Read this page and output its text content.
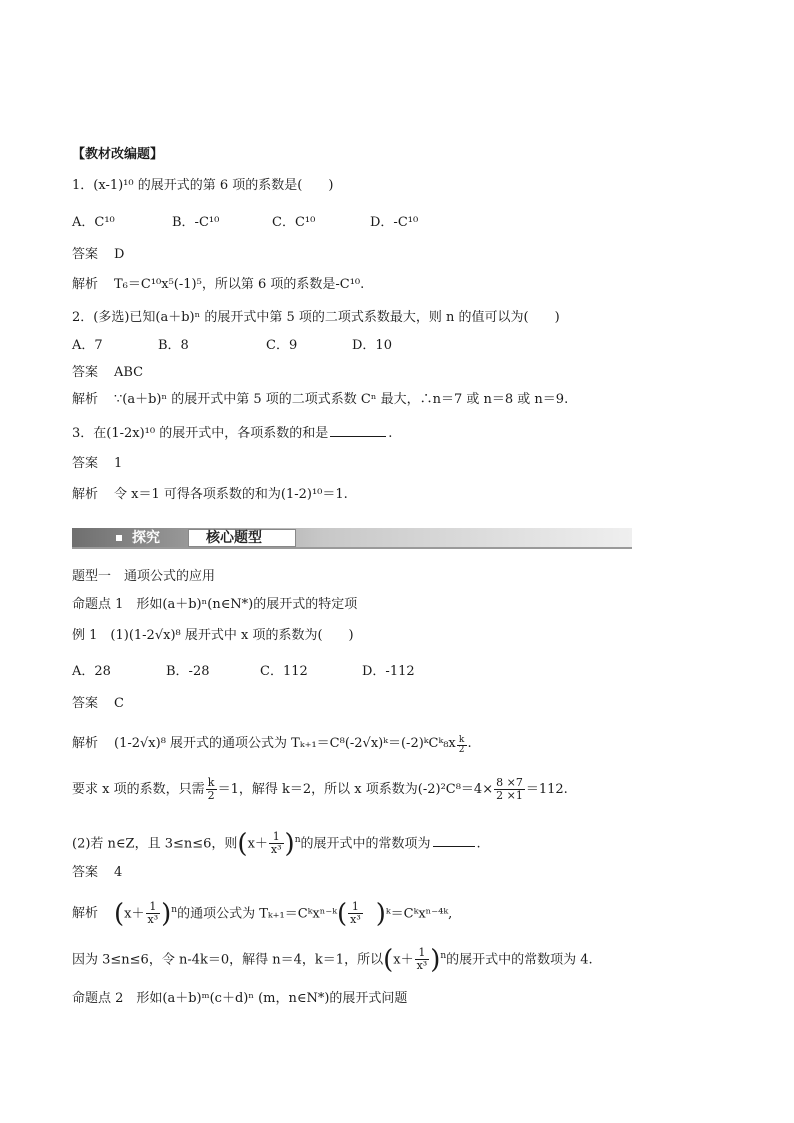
【教材改编题】
1．(x-1)¹⁰ 的展开式的第 6 项的系数是(　　)
A．C¹⁰	B．-C¹⁰	C．C¹⁰	D．-C¹⁰
答案 D
解析 T₆＝C¹⁰x⁵(-1)⁵，所以第 6 项的系数是-C¹⁰.
2．(多选)已知(a＋b)ⁿ 的展开式中第 5 项的二项式系数最大，则 n 的值可以为(　　)
A．7	B．8	C．9	D．10
答案 ABC
解析 ∵(a＋b)ⁿ 的展开式中第 5 项的二项式系数 Cⁿ 最大，∴n＝7 或 n＝8 或 n＝9.
3．在(1-2x)¹⁰ 的展开式中，各项系数的和是	.
答案 1
解析 令 x＝1 可得各项系数的和为(1-2)¹⁰＝1.
探究	核心题型
题型一　通项公式的应用
命题点 1　形如(a＋b)ⁿ(n∈N*)的展开式的特定项
例 1　(1)(1-2√x)⁸ 展开式中 x 项的系数为(　　)
A．28	B．-28	C．112	D．-112
答案 C
解析 (1-2√x)⁸ 展开式的通项公式为 Tₖ₊₁＝C⁸(-2√x)ᵏ＝(-2)ᵏCᵏ₈x $\frac{k}{2}$ .
要求 x 项的系数，只需 $\frac{k}{2} =1$，解得 k＝2，所以 x 项系数为$(-2)^2C^8=4\times \frac{8 \times 7}{2 \times 1} =112$.
(2)若 n∈Z，且 3≤n≤6，则$(x+ \frac{1}{\text{x³}} )^n$的展开式中的常数项为	.
答案 4
解析 $(x+ \frac{1}{\text{x³}} )^n$的通项公式为 Tₖ₊₁＝Cᵏxⁿ⁻ᵏ( $\frac{1}{\text{x³}}$ )ᵏ＝Cᵏxⁿ⁻⁴ᵏ,
因为 3≤n≤6，令 n-4k＝0，解得 n＝4，k＝1，所以$(x+ \frac{1}{\text{x³}} )^n$的展开式中的常数项为 4.
命题点 2　形如(a＋b)ᵐ(c＋d)ⁿ (m，n∈N*)的展开式问题
